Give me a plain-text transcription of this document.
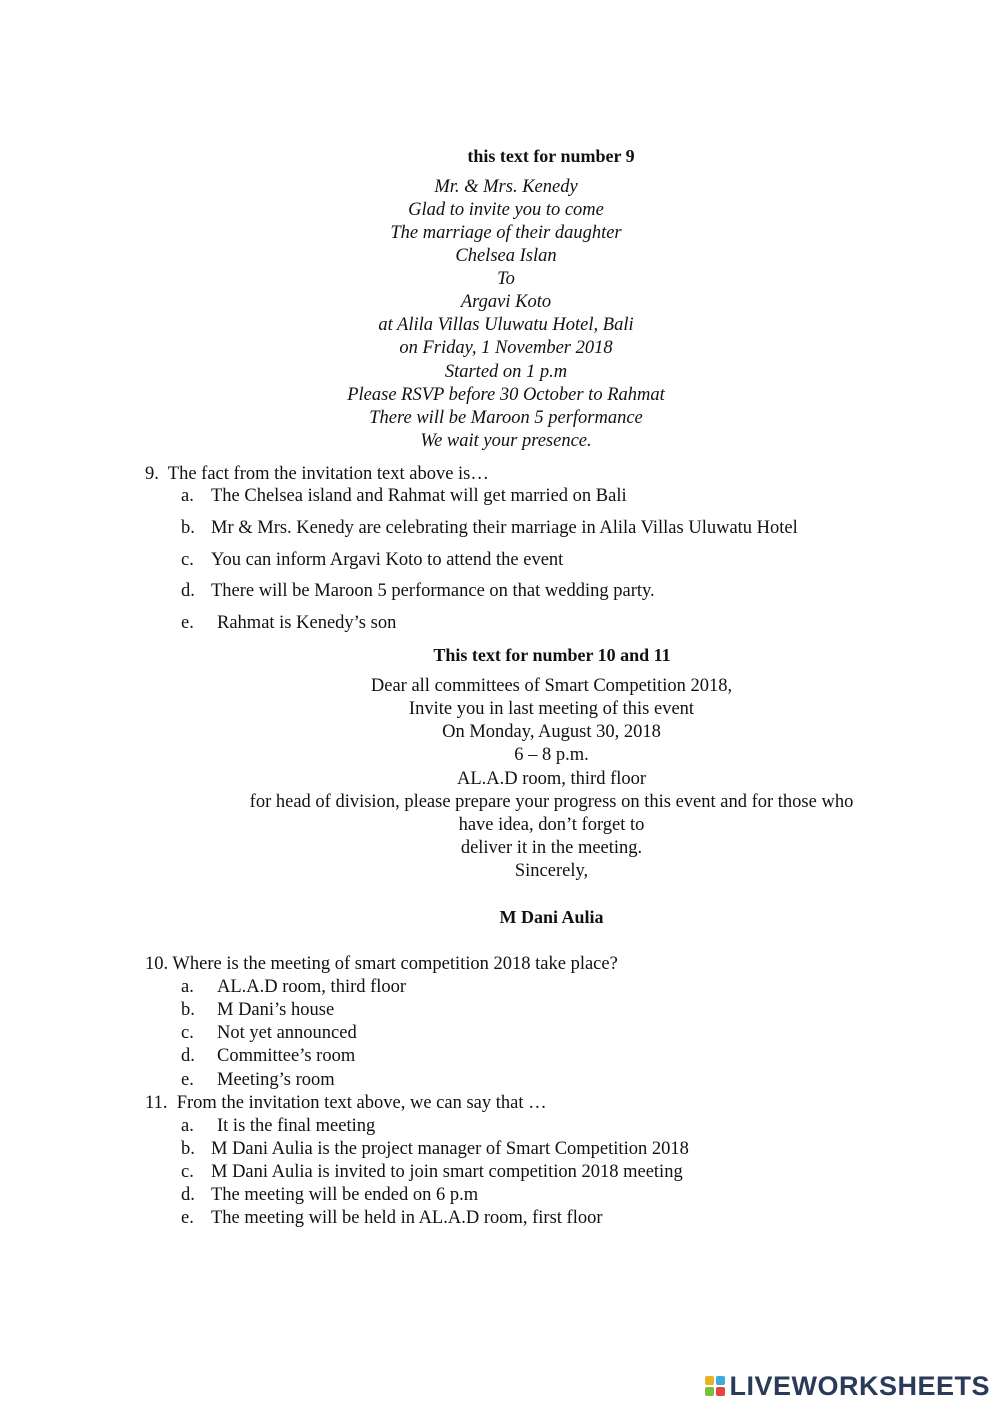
this text for number 9
Mr. & Mrs. Kenedy
Glad to invite you to come
The marriage of their daughter
Chelsea Islan
To
Argavi Koto
at Alila Villas Uluwatu Hotel, Bali
on Friday, 1 November 2018
Started on 1 p.m
Please RSVP before 30 October to Rahmat
There will be Maroon 5 performance
We wait your presence.
9. The fact from the invitation text above is…
a. The Chelsea island and Rahmat will get married on Bali
b. Mr & Mrs. Kenedy are celebrating their marriage in Alila Villas Uluwatu Hotel
c. You can inform Argavi Koto to attend the event
d. There will be Maroon 5 performance on that wedding party.
e. Rahmat is Kenedy’s son
This text for number 10 and 11
Dear all committees of Smart Competition 2018,
Invite you in last meeting of this event
On Monday, August 30, 2018
6 – 8 p.m.
AL.A.D room, third floor
for head of division, please prepare your progress on this event and for those who
have idea, don’t forget to
deliver it in the meeting.
Sincerely,
M Dani Aulia
10. Where is the meeting of smart competition 2018 take place?
a. AL.A.D room, third floor
b. M Dani’s house
c. Not yet announced
d. Committee’s room
e. Meeting’s room
11. From the invitation text above, we can say that …
a. It is the final meeting
b. M Dani Aulia is the project manager of Smart Competition 2018
c. M Dani Aulia is invited to join smart competition 2018 meeting
d. The meeting will be ended on 6 p.m
e. The meeting will be held in AL.A.D room, first floor
LIVEWORKSHEETS
